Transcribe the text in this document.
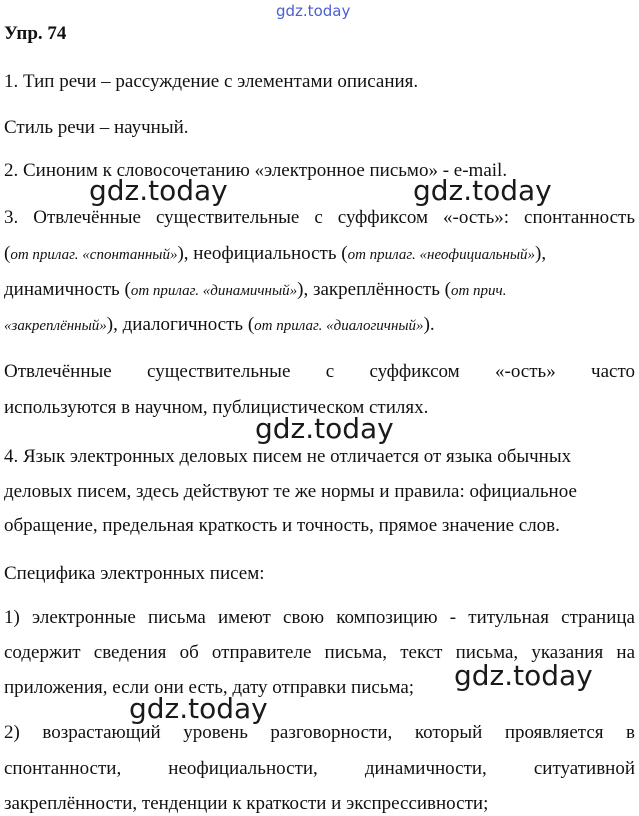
gdz.today
Упр. 74
1. Тип речи – рассуждение с элементами описания.
Стиль речи – научный.
2. Синоним к словосочетанию «электронное письмо» - e-mail.
3. Отвлечённые существительные с суффиксом «-ость»: спонтанность
(от прилаг. «спонтанный»), неофициальность (от прилаг. «неофициальный»),
динамичность (от прилаг. «динамичный»), закреплённость (от прич.
«закреплённый»), диалогичность (от прилаг. «диалогичный»).
Отвлечённые существительные с суффиксом «-ость» часто
используются в научном, публицистическом стилях.
4. Язык электронных деловых писем не отличается от языка обычных
деловых писем, здесь действуют те же нормы и правила: официальное
обращение, предельная краткость и точность, прямое значение слов.
Специфика электронных писем:
1) электронные письма имеют свою композицию - титульная страница
содержит сведения об отправителе письма, текст письма, указания на
приложения, если они есть, дату отправки письма;
2) возрастающий уровень разговорности, который проявляется в
спонтанности, неофициальности, динамичности, ситуативной
закреплённости, тенденции к краткости и экспрессивности;
gdz.today	gdz.today
gdz.today
gdz.today
gdz.today
